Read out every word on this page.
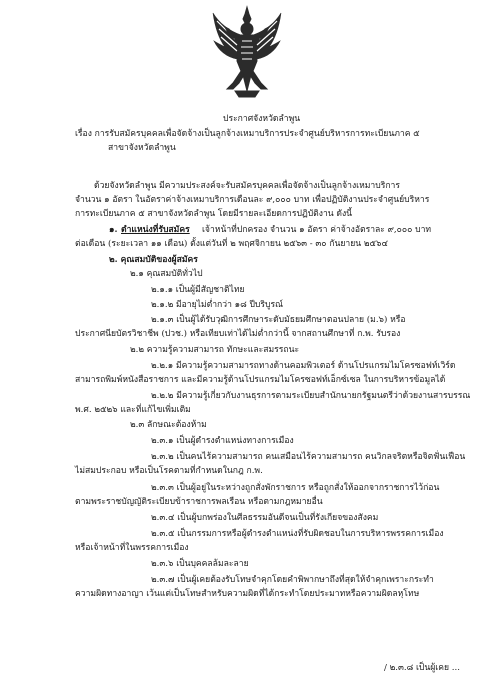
ประกาศจังหวัดลำพูน
เรื่อง การรับสมัครบุคคลเพื่อจัดจ้างเป็นลูกจ้างเหมาบริการประจำศูนย์บริหารการทะเบียนภาค ๕
สาขาจังหวัดลำพูน
ด้วยจังหวัดลำพูน มีความประสงค์จะรับสมัครบุคคลเพื่อจัดจ้างเป็นลูกจ้างเหมาบริการ
จำนวน ๑ อัตรา ในอัตราค่าจ้างเหมาบริการเดือนละ ๙,๐๐๐ บาท เพื่อปฏิบัติงานประจำศูนย์บริหาร
การทะเบียนภาค ๕ สาขาจังหวัดลำพูน โดยมีรายละเอียดการปฏิบัติงาน ดังนี้
๑. ตำแหน่งที่รับสมัคร เจ้าหน้าที่ปกครอง จำนวน ๑ อัตรา ค่าจ้างอัตราละ ๙,๐๐๐ บาท
ต่อเดือน (ระยะเวลา ๑๑ เดือน) ตั้งแต่วันที่ ๒ พฤศจิกายน ๒๕๖๓ - ๓๐ กันยายน ๒๕๖๔
๒. คุณสมบัติของผู้สมัคร
๒.๑ คุณสมบัติทั่วไป
๒.๑.๑ เป็นผู้มีสัญชาติไทย
๒.๑.๒ มีอายุไม่ต่ำกว่า ๑๘ ปีบริบูรณ์
๒.๑.๓ เป็นผู้ได้รับวุฒิการศึกษาระดับมัธยมศึกษาตอนปลาย (ม.๖) หรือ
ประกาศนียบัตรวิชาชีพ (ปวช.) หรือเทียบเท่าได้ไม่ต่ำกว่านี้ จากสถานศึกษาที่ ก.พ. รับรอง
๒.๒ ความรู้ความสามารถ ทักษะและสมรรถนะ
๒.๒.๑ มีความรู้ความสามารถทางด้านคอมพิวเตอร์ ด้านโปรแกรมไมโครซอฟท์เวิร์ด
สามารถพิมพ์หนังสือราชการ และมีความรู้ด้านโปรแกรมไมโครซอฟท์เอ็กซ์เซล ในการบริหารข้อมูลได้
๒.๒.๒ มีความรู้เกี่ยวกับงานธุรการตามระเบียบสำนักนายกรัฐมนตรีว่าด้วยงานสารบรรณ
พ.ศ. ๒๕๒๖ และที่แก้ไขเพิ่มเติม
๒.๓ ลักษณะต้องห้าม
๒.๓.๑ เป็นผู้ดำรงตำแหน่งทางการเมือง
๒.๓.๒ เป็นคนไร้ความสามารถ คนเสมือนไร้ความสามารถ คนวิกลจริตหรือจิตฟั่นเฟือน
ไม่สมประกอบ หรือเป็นโรคตามที่กำหนดในกฎ ก.พ.
๒.๓.๓ เป็นผู้อยู่ในระหว่างถูกสั่งพักราชการ หรือถูกสั่งให้ออกจากราชการไว้ก่อน
ตามพระราชบัญญัติระเบียบข้าราชการพลเรือน หรือตามกฎหมายอื่น
๒.๓.๔ เป็นผู้บกพร่องในศีลธรรมอันดีจนเป็นที่รังเกียจของสังคม
๒.๓.๕ เป็นกรรมการหรือผู้ดำรงตำแหน่งที่รับผิดชอบในการบริหารพรรคการเมือง
หรือเจ้าหน้าที่ในพรรคการเมือง
๒.๓.๖ เป็นบุคคลล้มละลาย
๒.๓.๗ เป็นผู้เคยต้องรับโทษจำคุกโดยคำพิพากษาถึงที่สุดให้จำคุกเพราะกระทำ
ความผิดทางอาญา เว้นแต่เป็นโทษสำหรับความผิดที่ได้กระทำโดยประมาทหรือความผิดลหุโทษ
/ ๒.๓.๘ เป็นผู้เคย ...
